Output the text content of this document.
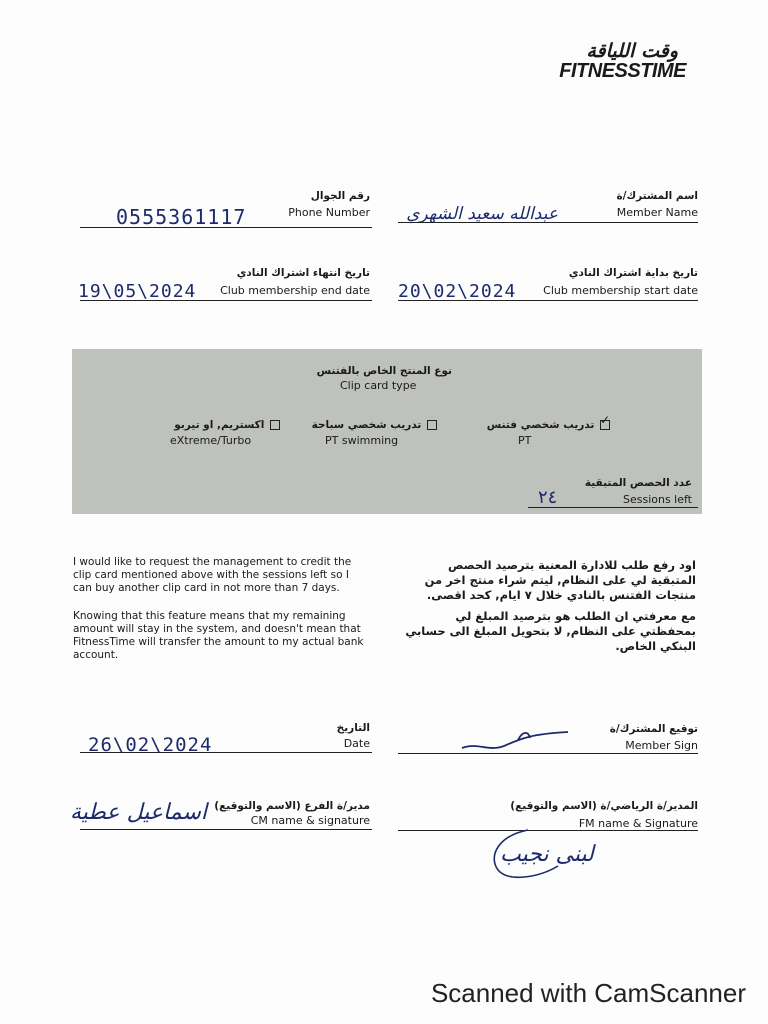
وقت اللياقة
FITNESSTIME
اسم المشترك/ة
Member Name
عبدالله سعيد الشهري
رقم الجوال
Phone Number
0555361117
تاريخ بداية اشتراك النادي
Club membership start date
20\02\2024
تاريخ انتهاء اشتراك النادي
Club membership end date
19\05\2024
نوع المنتج الخاص بالفتنس
Clip card type
✓
تدريب شخصي فتنس
PT
تدريب شخصي سباحة
PT swimming
اكستريم, او تيربو
eXtreme/Turbo
عدد الحصص المتبقية
Sessions left
٢٤
I would like to request the management to credit the clip card mentioned above with the sessions left so I can buy another clip card in not more than 7 days.
Knowing that this feature means that my remaining amount will stay in the system, and doesn't mean that FitnessTime will transfer the amount to my actual bank account.
اود رفع طلب للادارة المعنية بترصيد الحصص المتبقية لي على النظام, ليتم شراء منتج اخر من منتجات الفتنس بالنادي خلال ٧ ايام, كحد اقصى.
مع معرفتي ان الطلب هو بترصيد المبلغ لي بمحفظتي على النظام, لا بتحويل المبلغ الى حسابي البنكي الخاص.
توقيع المشترك/ة
Member Sign
التاريخ
Date
26\02\2024
مدير/ة الفرع (الاسم والتوقيع)
CM name & signature
اسماعيل عطية	المدير/ة الرياضي/ة (الاسم والتوقيع)
FM name & Signature
لبنى نجيب
Scanned with CamScanner
